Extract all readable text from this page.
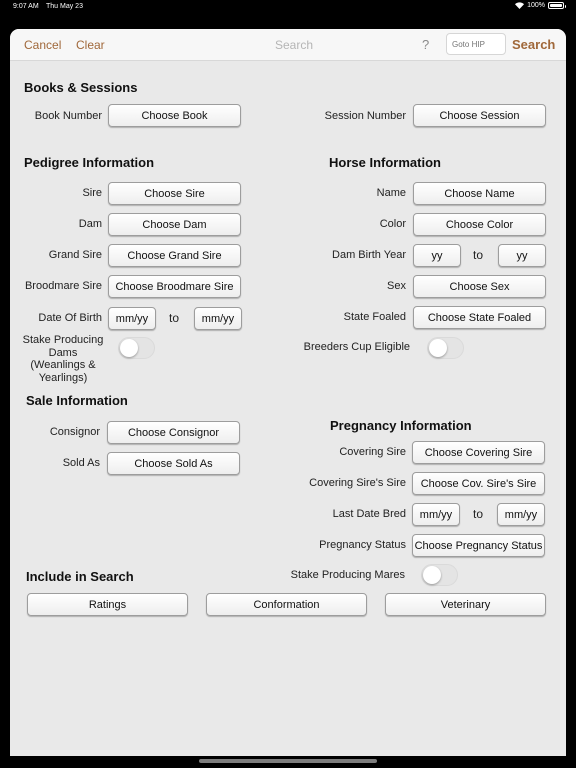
9:07 AM Thu May 23	100%
Cancel Clear	Search	?
Goto HIP	Search
Books & Sessions
Book Number	Choose Book	Session Number	Choose Session
Pedigree Information
Sire	Choose Sire
Dam	Choose Dam
Grand Sire	Choose Grand Sire
Broodmare Sire	Choose Broodmare Sire
Date Of Birth	mm/yy	to	mm/yy
Stake Producing Dams (Weanlings & Yearlings)
Horse Information
Name	Choose Name
Color	Choose Color
Dam Birth Year	yy	to	yy
Sex	Choose Sex
State Foaled	Choose State Foaled
Breeders Cup Eligible
Sale Information
Consignor	Choose Consignor
Sold As	Choose Sold As
Pregnancy Information
Covering Sire	Choose Covering Sire
Covering Sire's Sire	Choose Cov. Sire's Sire
Last Date Bred	mm/yy	to	mm/yy
Pregnancy Status Choose Pregnancy Status
Stake Producing Mares
Include in Search
Ratings	Conformation	Veterinary
